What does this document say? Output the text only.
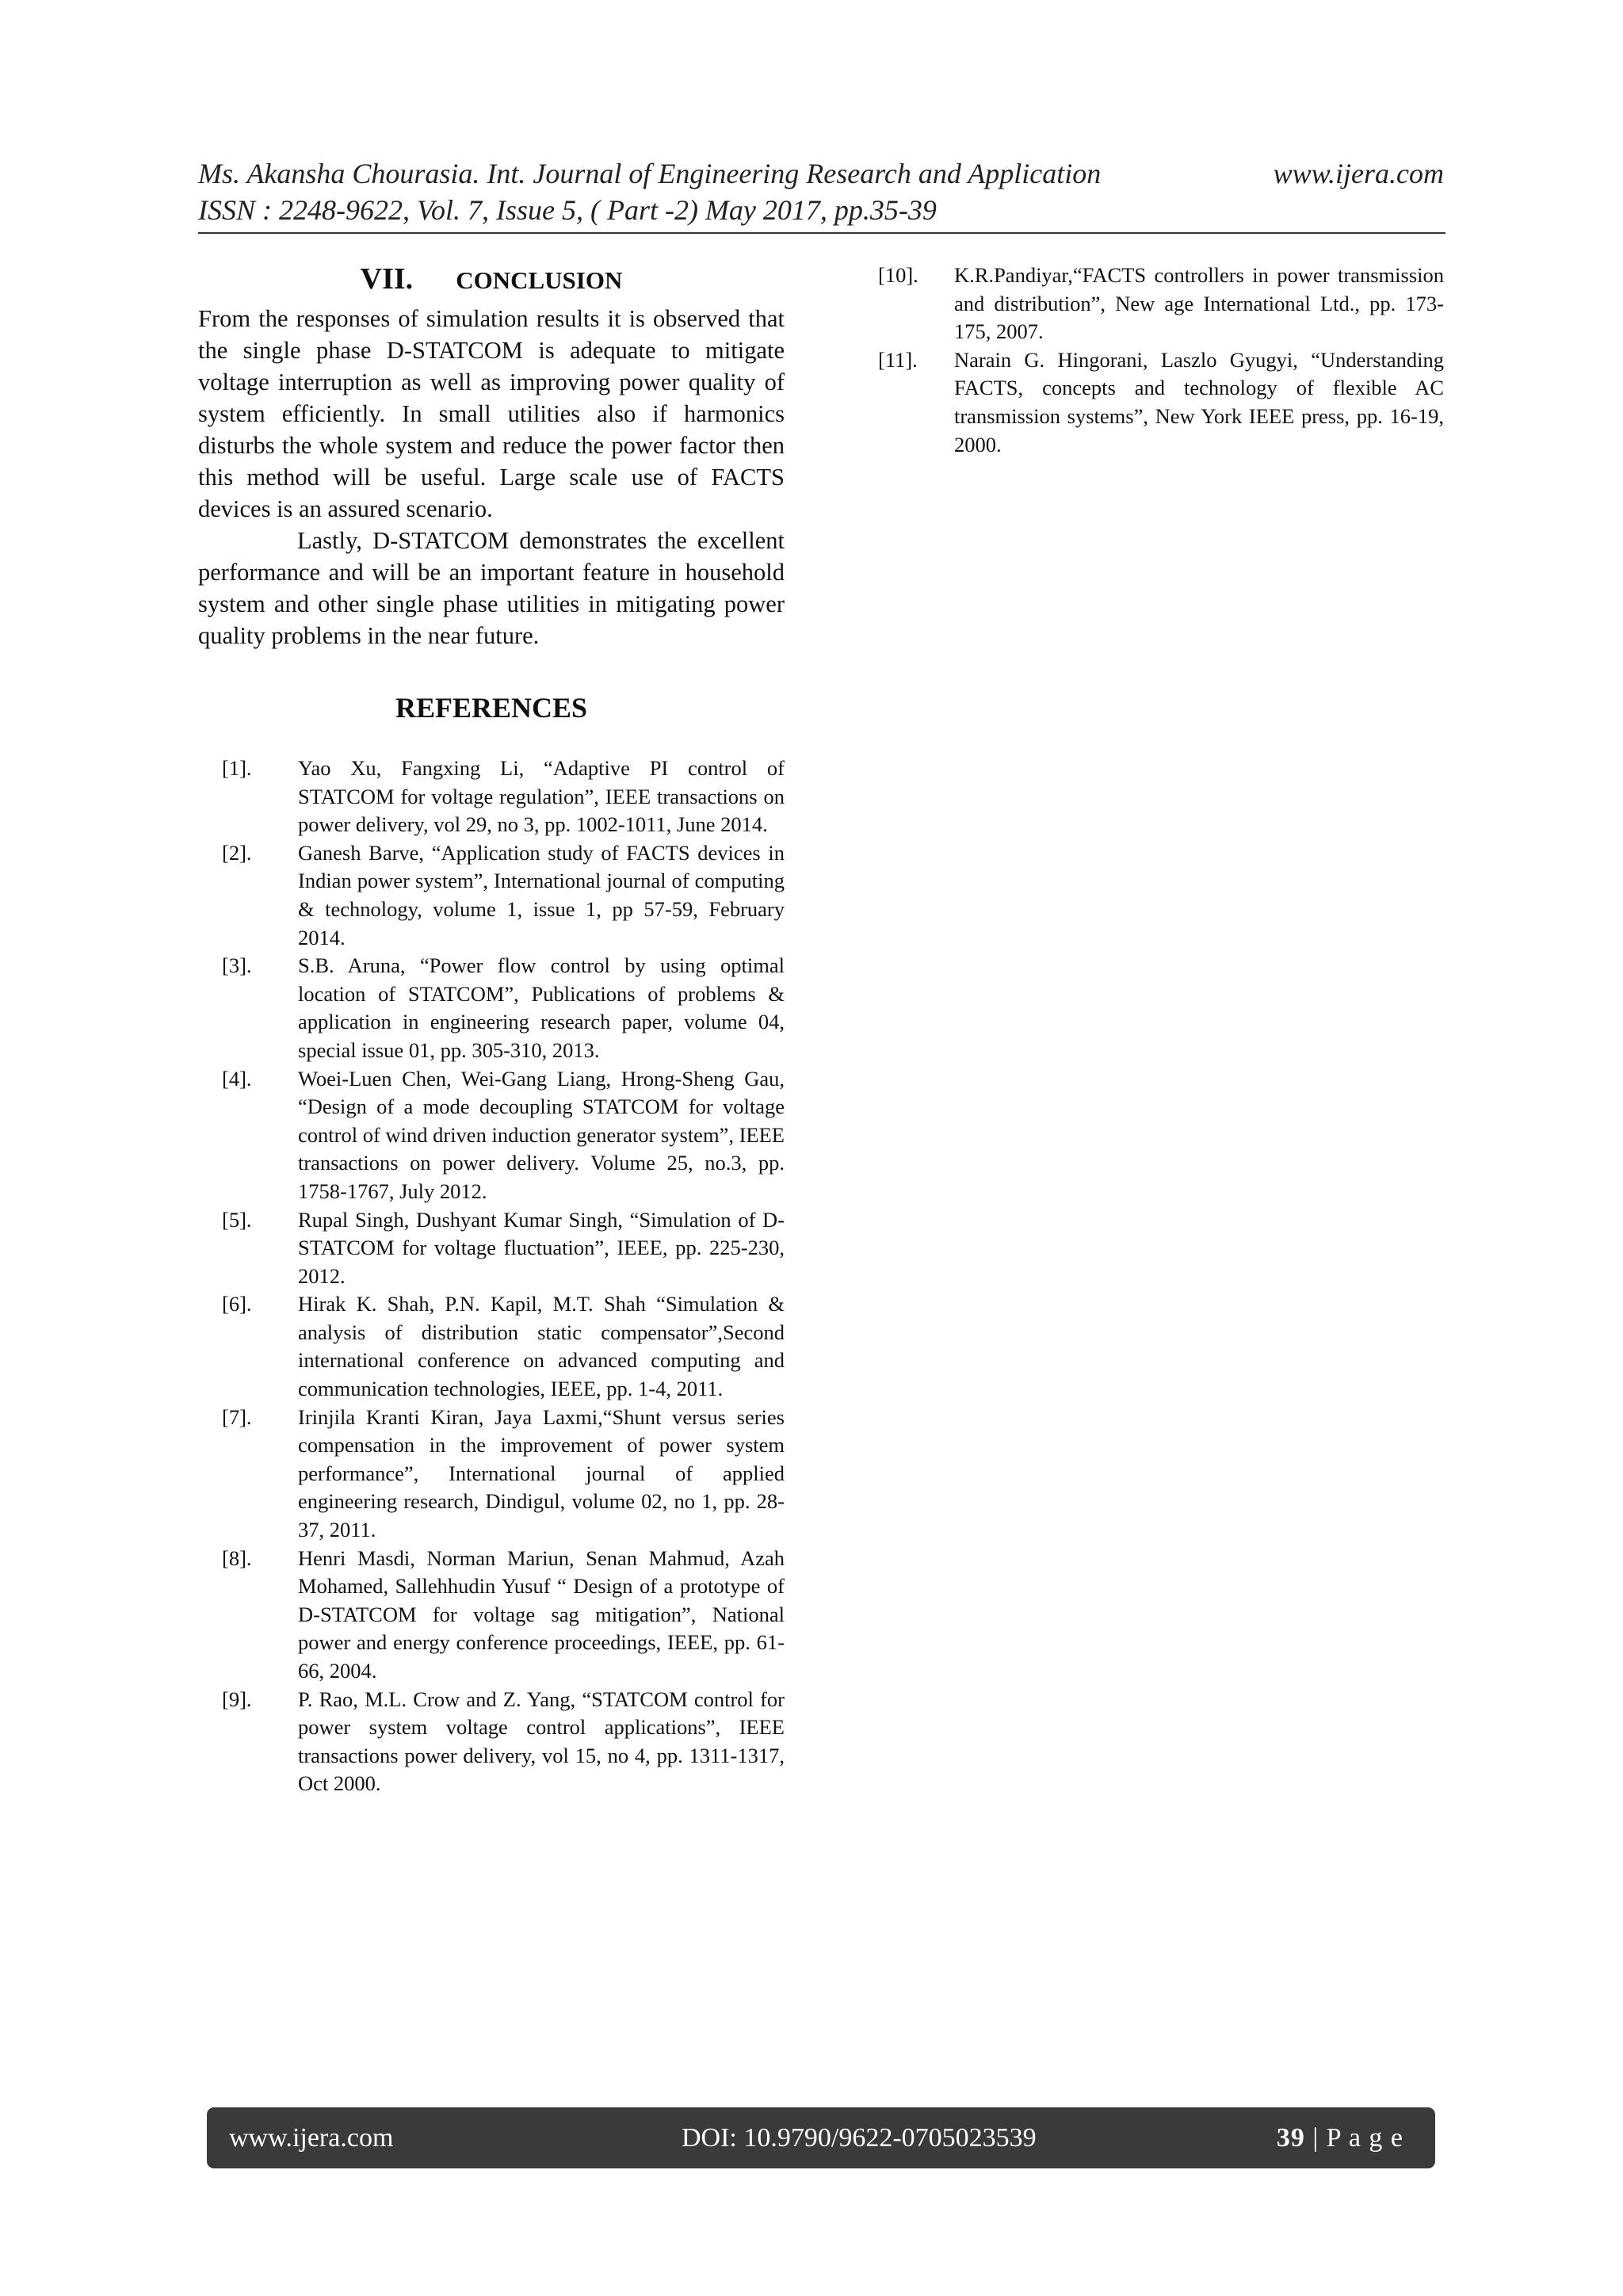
Ms. Akansha Chourasia. Int. Journal of Engineering Research and Application	www.ijera.com
ISSN : 2248-9622, Vol. 7, Issue 5, ( Part -2) May 2017, pp.35-39
VII. CONCLUSION

From the responses of simulation results it is observed that the single phase D-STATCOM is adequate to mitigate voltage interruption as well as improving power quality of system efficiently. In small utilities also if harmonics disturbs the whole system and reduce the power factor then this method will be useful. Large scale use of FACTS devices is an assured scenario.

Lastly, D-STATCOM demonstrates the excellent performance and will be an important feature in household system and other single phase utilities in mitigating power quality problems in the near future.

REFERENCES
[1].	Yao Xu, Fangxing Li, “Adaptive PI control of STATCOM for voltage regulation”, IEEE transactions on power delivery, vol 29, no 3, pp. 1002-1011, June 2014.
[2].	Ganesh Barve, “Application study of FACTS devices in Indian power system”, International journal of computing & technology, volume 1, issue 1, pp 57-59, February 2014.
[3].	S.B. Aruna, “Power flow control by using optimal location of STATCOM”, Publications of problems & application in engineering research paper, volume 04, special issue 01, pp. 305-310, 2013.
[4].	Woei-Luen Chen, Wei-Gang Liang, Hrong-Sheng Gau, “Design of a mode decoupling STATCOM for voltage control of wind driven induction generator system”, IEEE transactions on power delivery. Volume 25, no.3, pp. 1758-1767, July 2012.
[5].	Rupal Singh, Dushyant Kumar Singh, “Simulation of D-STATCOM for voltage fluctuation”, IEEE, pp. 225-230, 2012.
[6].	Hirak K. Shah, P.N. Kapil, M.T. Shah “Simulation & analysis of distribution static compensator”,Second international conference on advanced computing and communication technologies, IEEE, pp. 1-4, 2011.
[7].	Irinjila Kranti Kiran, Jaya Laxmi,“Shunt versus series compensation in the improvement of power system performance”, International journal of applied engineering research, Dindigul, volume 02, no 1, pp. 28-37, 2011.
[8].	Henri Masdi, Norman Mariun, Senan Mahmud, Azah Mohamed, Sallehhudin Yusuf “ Design of a prototype of D-STATCOM for voltage sag mitigation”, National power and energy conference proceedings, IEEE, pp. 61-66, 2004.
[9].	P. Rao, M.L. Crow and Z. Yang, “STATCOM control for power system voltage control applications”, IEEE transactions power delivery, vol 15, no 4, pp. 1311-1317, Oct 2000.
[10].	K.R.Pandiyar,“FACTS controllers in power transmission and distribution”, New age International Ltd., pp. 173-175, 2007.
[11].	Narain G. Hingorani, Laszlo Gyugyi, “Understanding FACTS, concepts and technology of flexible AC transmission systems”, New York IEEE press, pp. 16-19, 2000.
www.ijera.com	DOI: 10.9790/9622-0705023539	39 | P a g e
